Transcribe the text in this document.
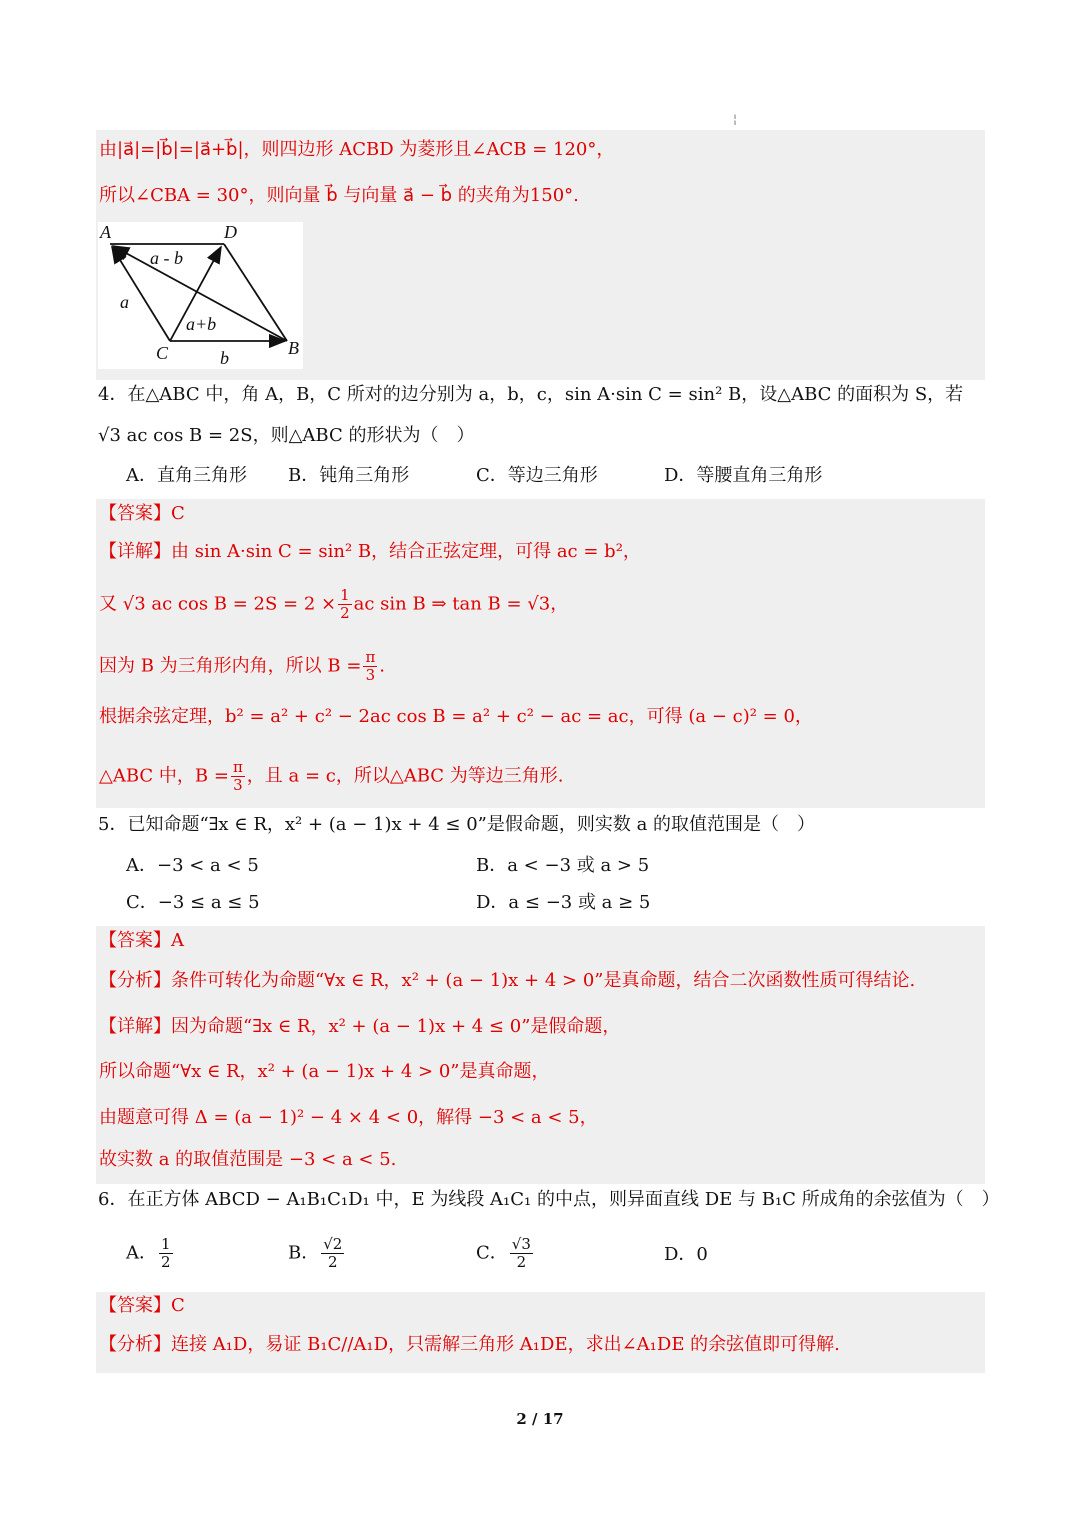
¦
由|a⃗|=|b⃗|=|a⃗+b⃗|，则四边形 ACBD 为菱形且∠ACB = 120°，
所以∠CBA = 30°，则向量 b⃗ 与向量 a⃗ − b⃗ 的夹角为150°.
A	D
C	B
a - b
a
a+b
b
4．在△ABC 中，角 A，B，C 所对的边分别为 a，b，c，sin A·sin C = sin² B，设△ABC 的面积为 S，若
√3 ac cos B = 2S，则△ABC 的形状为（　）
A．直角三角形 B．钝角三角形	C．等边三角形	D．等腰直角三角形
【答案】C
【详解】由 sin A·sin C = sin² B，结合正弦定理，可得 ac = b²，
又 √3 ac $\cos B = 2S = 2 \times \frac{1}{2}$ ac sin B ⇒ tan B = √3，
因为 B 为三角形内角，所以 $B = \frac{\pi}{3}$ .
根据余弦定理，b² = a² + c² − 2ac cos B = a² + c² − ac = ac，可得 (a − c)² = 0，
△ABC 中，$B = \frac{\pi}{3}$ ，且 a = c，所以△ABC 为等边三角形.
5．已知命题“∃x ∈ R，x² + (a − 1)x + 4 ≤ 0”是假命题，则实数 a 的取值范围是（　）
A．−3 < a < 5	B．a < −3 或 a > 5
C．−3 ≤ a ≤ 5	D．a ≤ −3 或 a ≥ 5
【答案】A
【分析】条件可转化为命题“∀x ∈ R，x² + (a − 1)x + 4 > 0”是真命题，结合二次函数性质可得结论.
【详解】因为命题“∃x ∈ R，x² + (a − 1)x + 4 ≤ 0”是假命题，
所以命题“∀x ∈ R，x² + (a − 1)x + 4 > 0”是真命题，
由题意可得 Δ = (a − 1)² − 4 × 4 < 0，解得 −3 < a < 5，
故实数 a 的取值范围是 −3 < a < 5.
6．在正方体 ABCD − A₁B₁C₁D₁ 中，E 为线段 A₁C₁ 的中点，则异面直线 DE 与 B₁C 所成角的余弦值为（　）
A． $\frac{1}{2}$	B． $\frac{√2}{2}$	C． $\frac{√3}{2}$	D．0
【答案】C
【分析】连接 A₁D，易证 B₁C//A₁D，只需解三角形 A₁DE，求出∠A₁DE 的余弦值即可得解.
2 / 17
